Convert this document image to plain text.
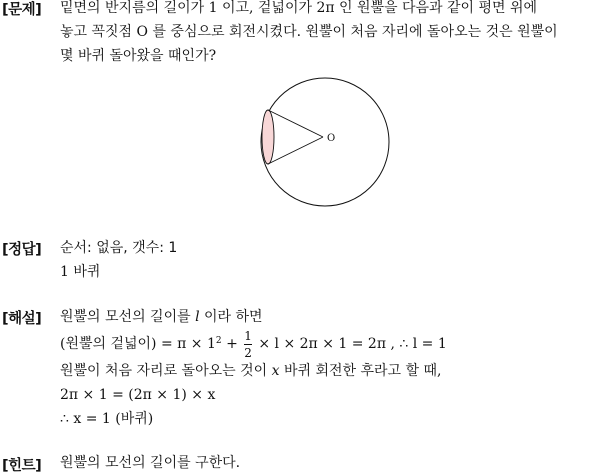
[문제] 밑면의 반지름의 길이가 1 이고, 겉넓이가 2π 인 원뿔을 다음과 같이 평면 위에
놓고 꼭짓점 O 를 중심으로 회전시켰다. 원뿔이 처음 자리에 돌아오는 것은 원뿔이
몇 바퀴 돌아왔을 때인가?
O
[정답] 순서: 없음, 갯수: 1
1 바퀴
[해설] 원뿔의 모선의 길이를 l 이라 하면
(원뿔의 겉넓이) = $\pi \times 1^2 + \frac{1}{2} \times l \times 2\pi \times 1 = 2\pi$ , ∴ l = 1
원뿔이 처음 자리로 돌아오는 것이 x 바퀴 회전한 후라고 할 때,
2π × 1 = (2π × 1) × x
∴ x = 1 (바퀴)
[힌트] 원뿔의 모선의 길이를 구한다.
